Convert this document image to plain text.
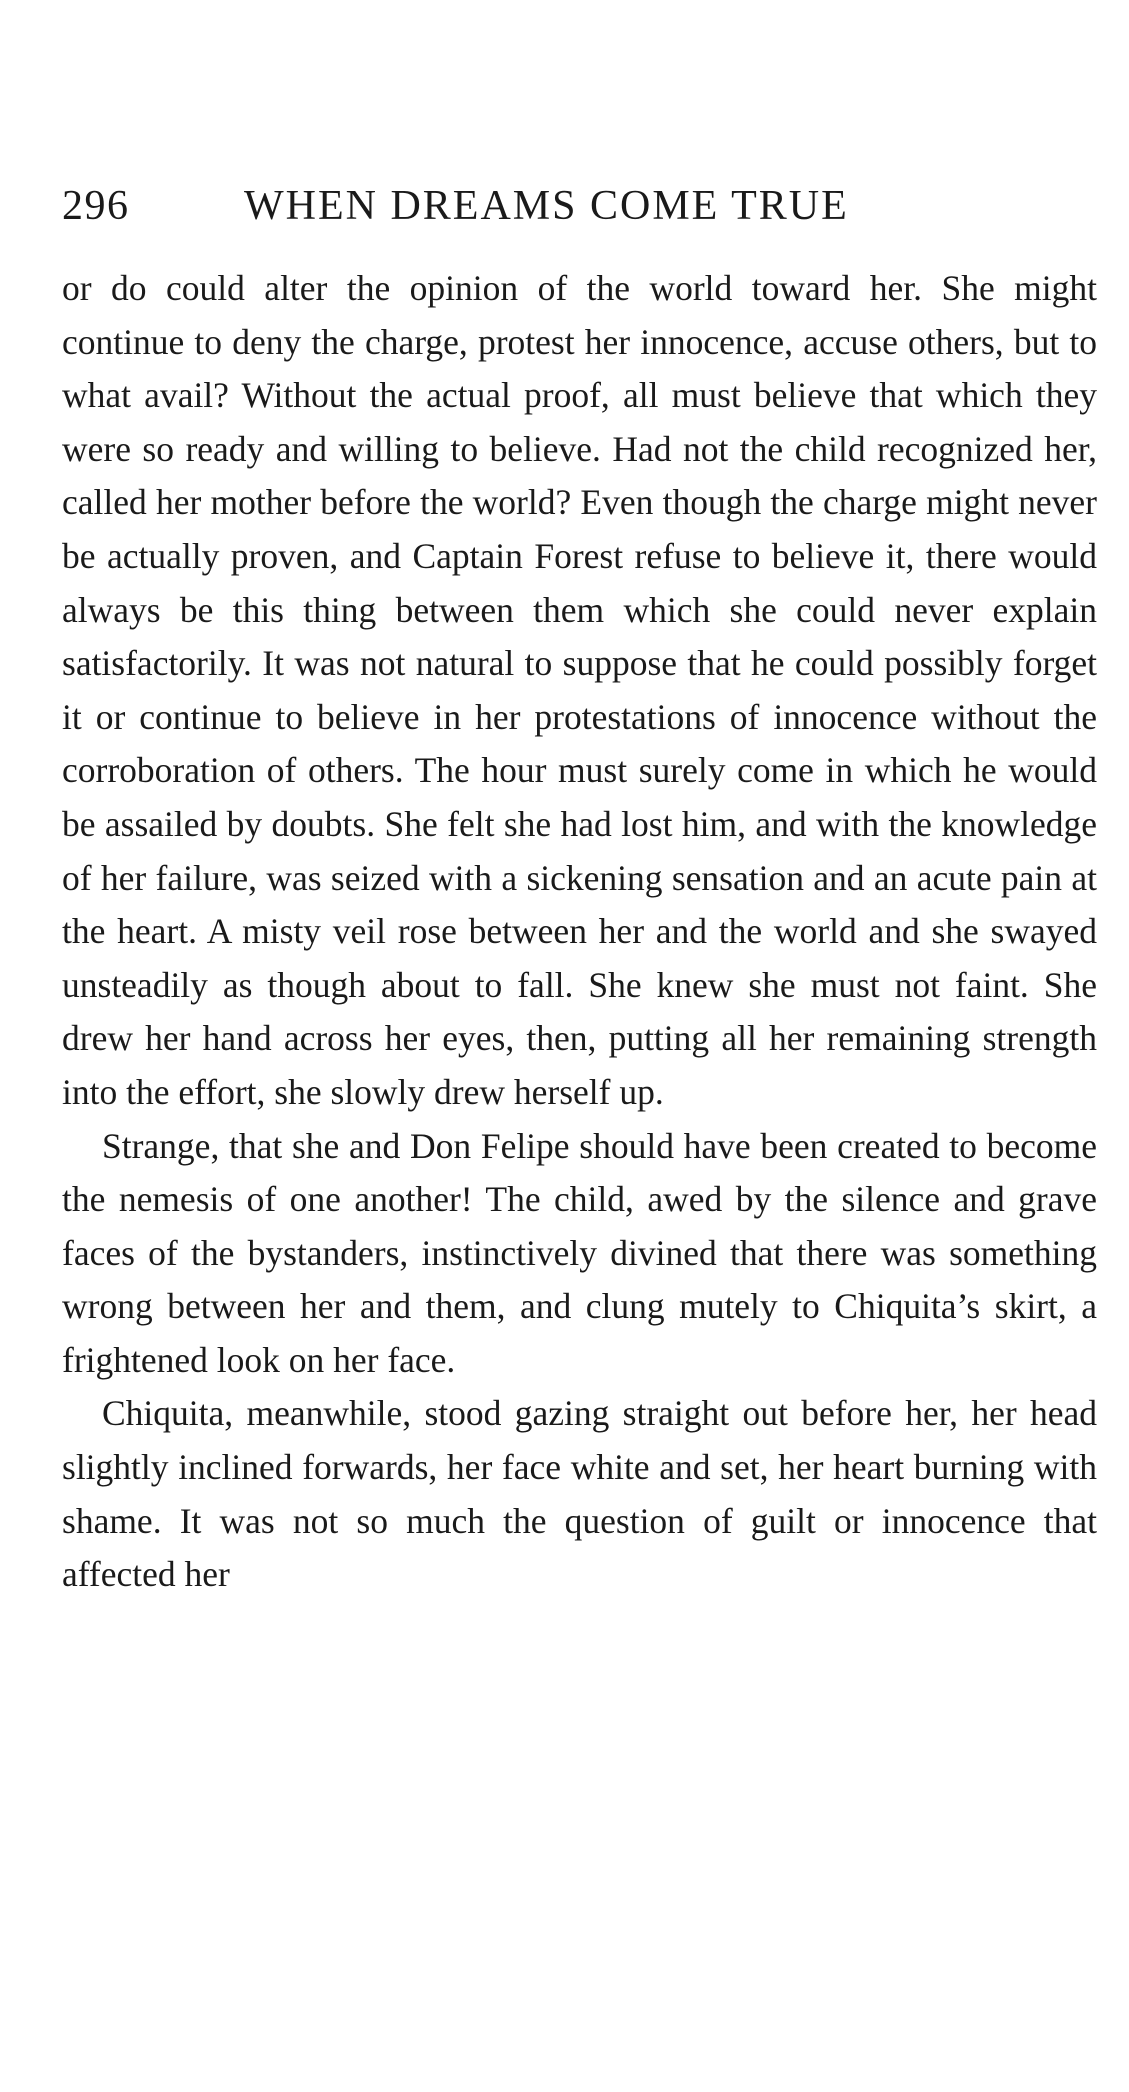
296	WHEN DREAMS COME TRUE

or do could alter the opinion of the world toward her. She might continue to deny the charge, protest her innocence, accuse others, but to what avail? Without the actual proof, all must believe that which they were so ready and willing to believe. Had not the child recognized her, called her mother before the world? Even though the charge might never be actually proven, and Captain Forest refuse to believe it, there would always be this thing between them which she could never explain satisfactorily. It was not natural to suppose that he could possibly forget it or continue to believe in her protestations of innocence without the corroboration of others. The hour must surely come in which he would be assailed by doubts. She felt she had lost him, and with the knowledge of her failure, was seized with a sickening sensation and an acute pain at the heart. A misty veil rose between her and the world and she swayed unsteadily as though about to fall. She knew she must not faint. She drew her hand across her eyes, then, putting all her remaining strength into the effort, she slowly drew herself up.

Strange, that she and Don Felipe should have been created to become the nemesis of one another! The child, awed by the silence and grave faces of the bystanders, instinctively divined that there was something wrong between her and them, and clung mutely to Chiquita’s skirt, a frightened look on her face.

Chiquita, meanwhile, stood gazing straight out before her, her head slightly inclined forwards, her face white and set, her heart burning with shame. It was not so much the question of guilt or innocence that affected her
